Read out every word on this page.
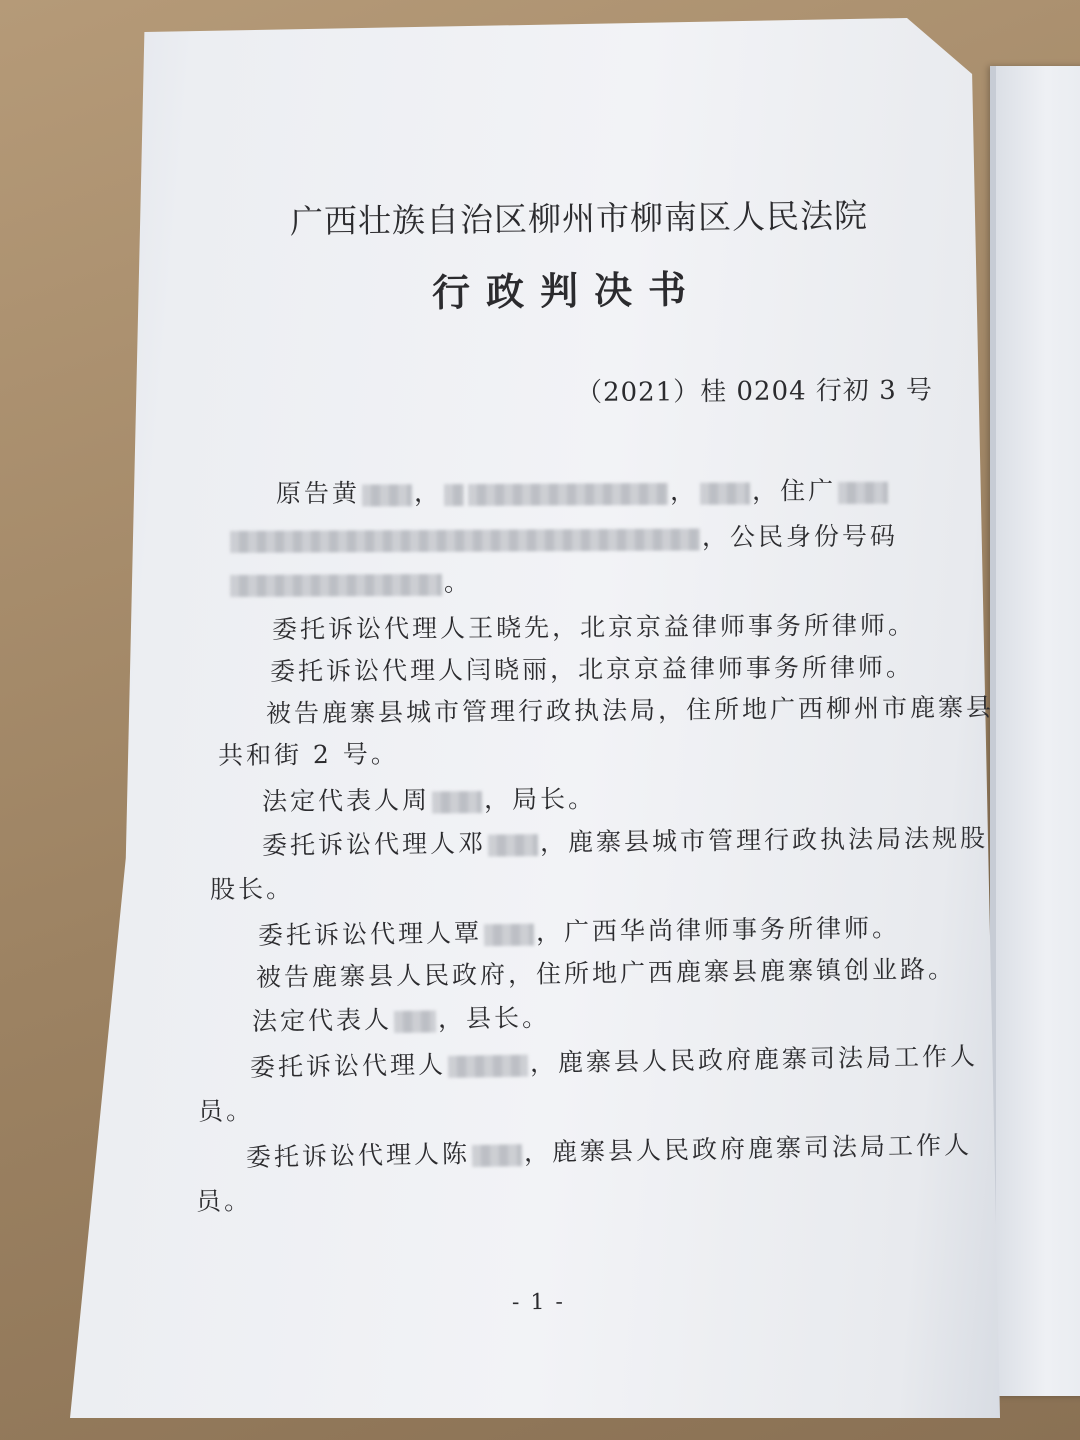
广西壮族自治区柳州市柳南区人民法院
行政判决书
（2021）桂 0204 行初 3 号
原告黄 ，	， ，住广
，公民身份号码
。
委托诉讼代理人王晓先，北京京益律师事务所律师。
委托诉讼代理人闫晓丽，北京京益律师事务所律师。
被告鹿寨县城市管理行政执法局，住所地广西柳州市鹿寨县
共和街 2 号。
法定代表人周 ，局长。
委托诉讼代理人邓 ，鹿寨县城市管理行政执法局法规股
股长。
委托诉讼代理人覃 ，广西华尚律师事务所律师。
被告鹿寨县人民政府，住所地广西鹿寨县鹿寨镇创业路。
法定代表人 ，县长。
委托诉讼代理人	，鹿寨县人民政府鹿寨司法局工作人
员。
委托诉讼代理人陈 ，鹿寨县人民政府鹿寨司法局工作人
员。
- 1 -
